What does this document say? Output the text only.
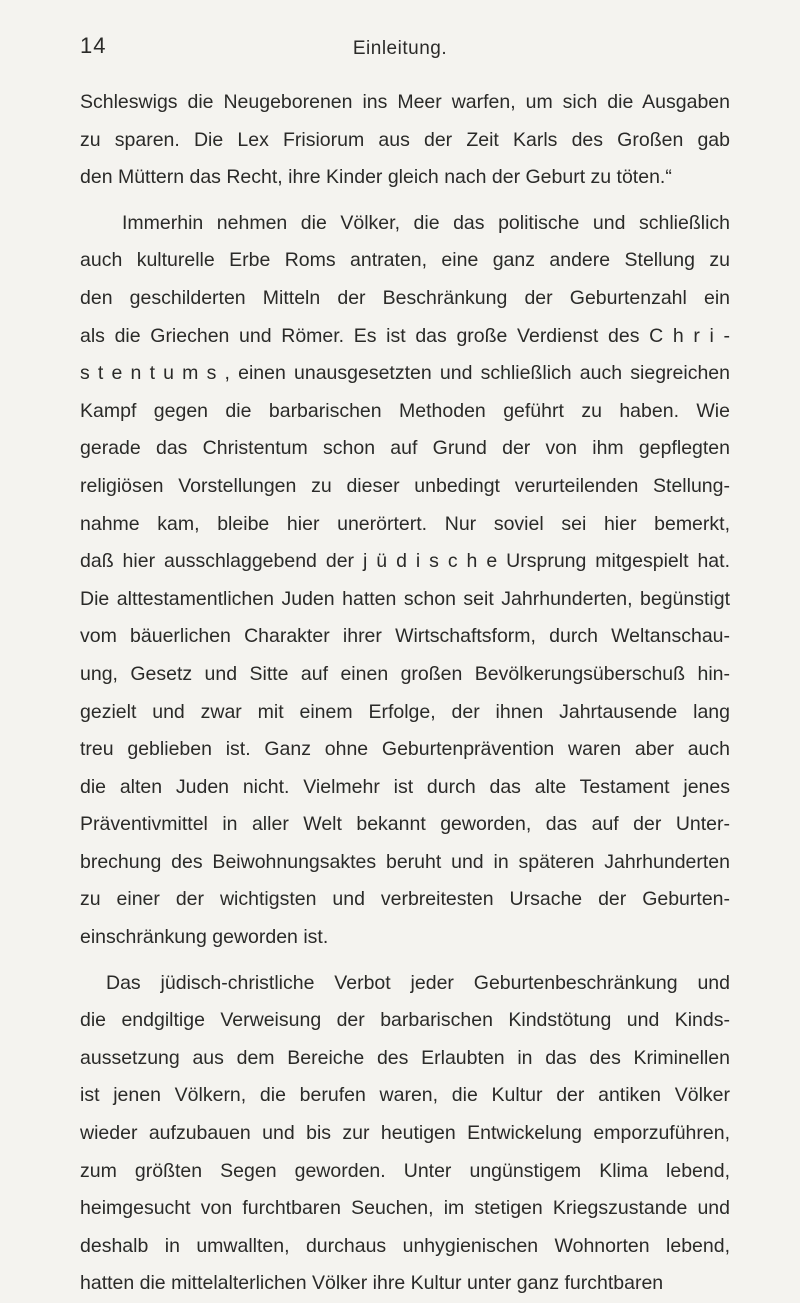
14	Einleitung.

Schleswigs die Neugeborenen ins Meer warfen, um sich die Ausgaben
zu sparen. Die Lex Frisiorum aus der Zeit Karls des Großen gab
den Müttern das Recht, ihre Kinder gleich nach der Geburt zu töten.“

Immerhin nehmen die Völker, die das politische und schließlich
auch kulturelle Erbe Roms antraten, eine ganz andere Stellung zu
den geschilderten Mitteln der Beschränkung der Geburtenzahl ein
als die Griechen und Römer. Es ist das große Verdienst des C h r i -
s t e n t u m s , einen unausgesetzten und schließlich auch siegreichen
Kampf gegen die barbarischen Methoden geführt zu haben. Wie
gerade das Christentum schon auf Grund der von ihm gepflegten
religiösen Vorstellungen zu dieser unbedingt verurteilenden Stellung-
nahme kam, bleibe hier unerörtert. Nur soviel sei hier bemerkt,
daß hier ausschlaggebend der j ü d i s c h e Ursprung mitgespielt hat.
Die alttestamentlichen Juden hatten schon seit Jahrhunderten, begünstigt
vom bäuerlichen Charakter ihrer Wirtschaftsform, durch Weltanschau-
ung, Gesetz und Sitte auf einen großen Bevölkerungsüberschuß hin-
gezielt und zwar mit einem Erfolge, der ihnen Jahrtausende lang
treu geblieben ist. Ganz ohne Geburtenprävention waren aber auch
die alten Juden nicht. Vielmehr ist durch das alte Testament jenes
Präventivmittel in aller Welt bekannt geworden, das auf der Unter-
brechung des Beiwohnungsaktes beruht und in späteren Jahrhunderten
zu einer der wichtigsten und verbreitesten Ursache der Geburten-
einschränkung geworden ist.

Das jüdisch-christliche Verbot jeder Geburtenbeschränkung und
die endgiltige Verweisung der barbarischen Kindstötung und Kinds-
aussetzung aus dem Bereiche des Erlaubten in das des Kriminellen
ist jenen Völkern, die berufen waren, die Kultur der antiken Völker
wieder aufzubauen und bis zur heutigen Entwickelung emporzuführen,
zum größten Segen geworden. Unter ungünstigem Klima lebend,
heimgesucht von furchtbaren Seuchen, im stetigen Kriegszustande und
deshalb in umwallten, durchaus unhygienischen Wohnorten lebend,
hatten die mittelalterlichen Völker ihre Kultur unter ganz furchtbaren
